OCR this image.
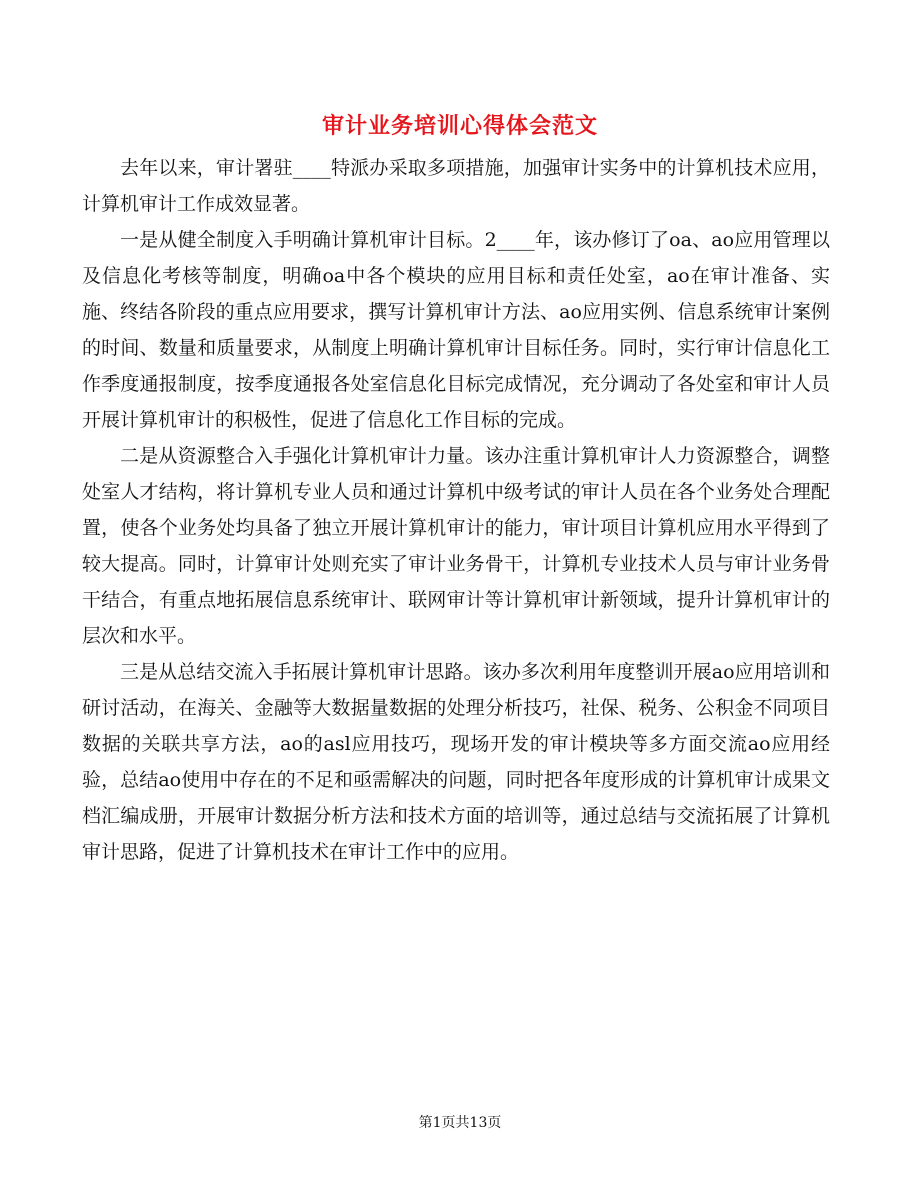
审计业务培训心得体会范文

去年以来，审计署驻____特派办采取多项措施，加强审计实务中的计算机技术应用，计算机审计工作成效显著。

一是从健全制度入手明确计算机审计目标。2____年，该办修订了oa、ao应用管理以及信息化考核等制度，明确oa中各个模块的应用目标和责任处室，ao在审计准备、实施、终结各阶段的重点应用要求，撰写计算机审计方法、ao应用实例、信息系统审计案例的时间、数量和质量要求，从制度上明确计算机审计目标任务。同时，实行审计信息化工作季度通报制度，按季度通报各处室信息化目标完成情况，充分调动了各处室和审计人员开展计算机审计的积极性，促进了信息化工作目标的完成。

二是从资源整合入手强化计算机审计力量。该办注重计算机审计人力资源整合，调整处室人才结构，将计算机专业人员和通过计算机中级考试的审计人员在各个业务处合理配置，使各个业务处均具备了独立开展计算机审计的能力，审计项目计算机应用水平得到了较大提高。同时，计算审计处则充实了审计业务骨干，计算机专业技术人员与审计业务骨干结合，有重点地拓展信息系统审计、联网审计等计算机审计新领域，提升计算机审计的层次和水平。

三是从总结交流入手拓展计算机审计思路。该办多次利用年度整训开展ao应用培训和研讨活动，在海关、金融等大数据量数据的处理分析技巧，社保、税务、公积金不同项目数据的关联共享方法，ao的asl应用技巧，现场开发的审计模块等多方面交流ao应用经验，总结ao使用中存在的不足和亟需解决的问题，同时把各年度形成的计算机审计成果文档汇编成册，开展审计数据分析方法和技术方面的培训等，通过总结与交流拓展了计算机审计思路，促进了计算机技术在审计工作中的应用。

第1页共13页
